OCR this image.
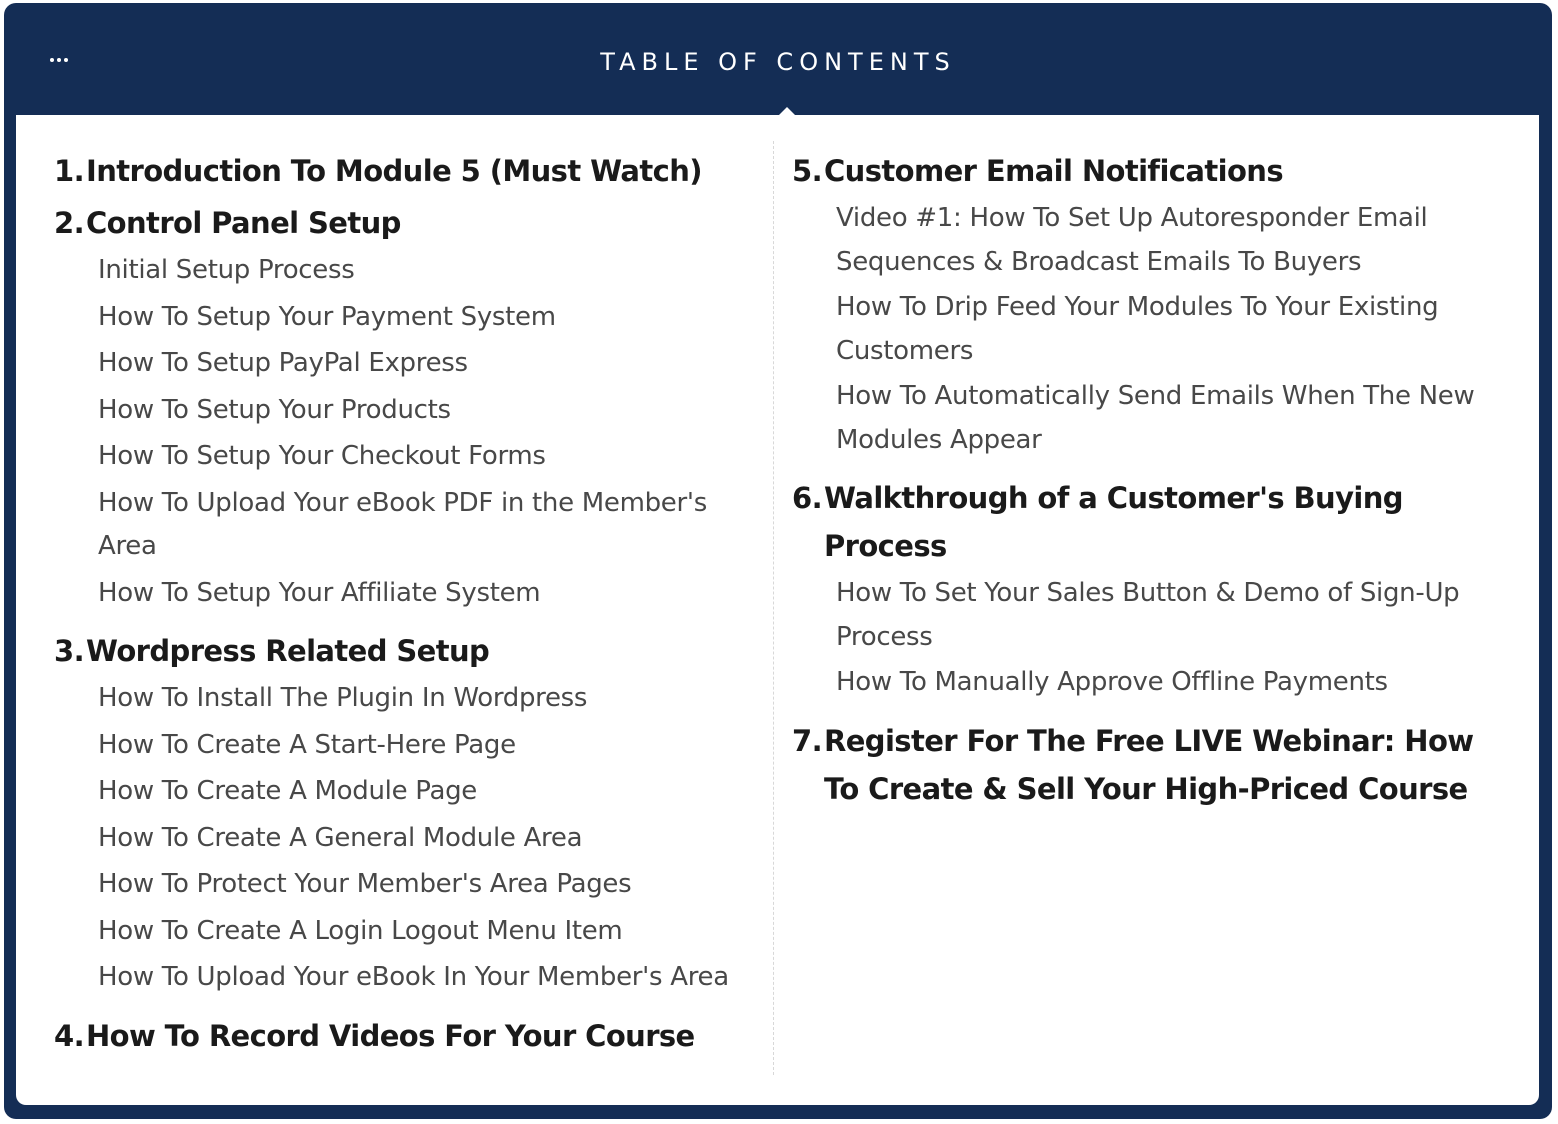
TABLE OF CONTENTS
1. Introduction To Module 5 (Must Watch)
2. Control Panel Setup
Initial Setup Process
How To Setup Your Payment System
How To Setup PayPal Express
How To Setup Your Products
How To Setup Your Checkout Forms
How To Upload Your eBook PDF in the Member's Area
How To Setup Your Affiliate System
3. Wordpress Related Setup
How To Install The Plugin In Wordpress
How To Create A Start-Here Page
How To Create A Module Page
How To Create A General Module Area
How To Protect Your Member's Area Pages
How To Create A Login Logout Menu Item
How To Upload Your eBook In Your Member's Area
4. How To Record Videos For Your Course
5. Customer Email Notifications
Video #1: How To Set Up Autoresponder Email Sequences & Broadcast Emails To Buyers
How To Drip Feed Your Modules To Your Existing Customers
How To Automatically Send Emails When The New Modules Appear
6. Walkthrough of a Customer's Buying Process
How To Set Your Sales Button & Demo of Sign-Up Process
How To Manually Approve Offline Payments
7. Register For The Free LIVE Webinar: How To Create & Sell Your High-Priced Course
